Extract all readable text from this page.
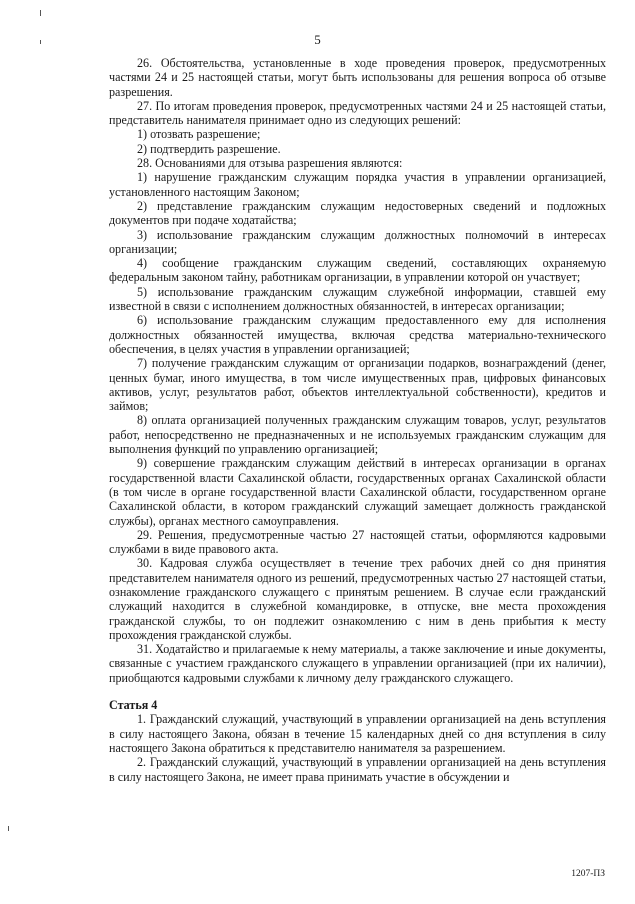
5

26. Обстоятельства, установленные в ходе проведения проверок, предусмотренных частями 24 и 25 настоящей статьи, могут быть использованы для решения вопроса об отзыве разрешения.

27. По итогам проведения проверок, предусмотренных частями 24 и 25 настоящей статьи, представитель нанимателя принимает одно из следующих решений:

1) отозвать разрешение;

2) подтвердить разрешение.

28. Основаниями для отзыва разрешения являются:

1) нарушение гражданским служащим порядка участия в управлении организацией, установленного настоящим Законом;

2) представление гражданским служащим недостоверных сведений и подложных документов при подаче ходатайства;

3) использование гражданским служащим должностных полномочий в интересах организации;

4) сообщение гражданским служащим сведений, составляющих охраняемую федеральным законом тайну, работникам организации, в управлении которой он участвует;

5) использование гражданским служащим служебной информации, ставшей ему известной в связи с исполнением должностных обязанностей, в интересах организации;

6) использование гражданским служащим предоставленного ему для исполнения должностных обязанностей имущества, включая средства материально-технического обеспечения, в целях участия в управлении организацией;

7) получение гражданским служащим от организации подарков, вознаграждений (денег, ценных бумаг, иного имущества, в том числе имущественных прав, цифровых финансовых активов, услуг, результатов работ, объектов интеллектуальной собственности), кредитов и займов;

8) оплата организацией полученных гражданским служащим товаров, услуг, результатов работ, непосредственно не предназначенных и не используемых гражданским служащим для выполнения функций по управлению организацией;

9) совершение гражданским служащим действий в интересах организации в органах государственной власти Сахалинской области, государственных органах Сахалинской области (в том числе в органе государственной власти Сахалинской области, государственном органе Сахалинской области, в котором гражданский служащий замещает должность гражданской службы), органах местного самоуправления.

29. Решения, предусмотренные частью 27 настоящей статьи, оформляются кадровыми службами в виде правового акта.

30. Кадровая служба осуществляет в течение трех рабочих дней со дня принятия представителем нанимателя одного из решений, предусмотренных частью 27 настоящей статьи, ознакомление гражданского служащего с принятым решением. В случае если гражданский служащий находится в служебной командировке, в отпуске, вне места прохождения гражданской службы, то он подлежит ознакомлению с ним в день прибытия к месту прохождения гражданской службы.

31. Ходатайство и прилагаемые к нему материалы, а также заключение и иные документы, связанные с участием гражданского служащего в управлении организацией (при их наличии), приобщаются кадровыми службами к личному делу гражданского служащего.

Статья 4

1. Гражданский служащий, участвующий в управлении организацией на день вступления в силу настоящего Закона, обязан в течение 15 календарных дней со дня вступления в силу настоящего Закона обратиться к представителю нанимателя за разрешением.

2. Гражданский служащий, участвующий в управлении организацией на день вступления в силу настоящего Закона, не имеет права принимать участие в обсуждении и

1207-ПЗ
